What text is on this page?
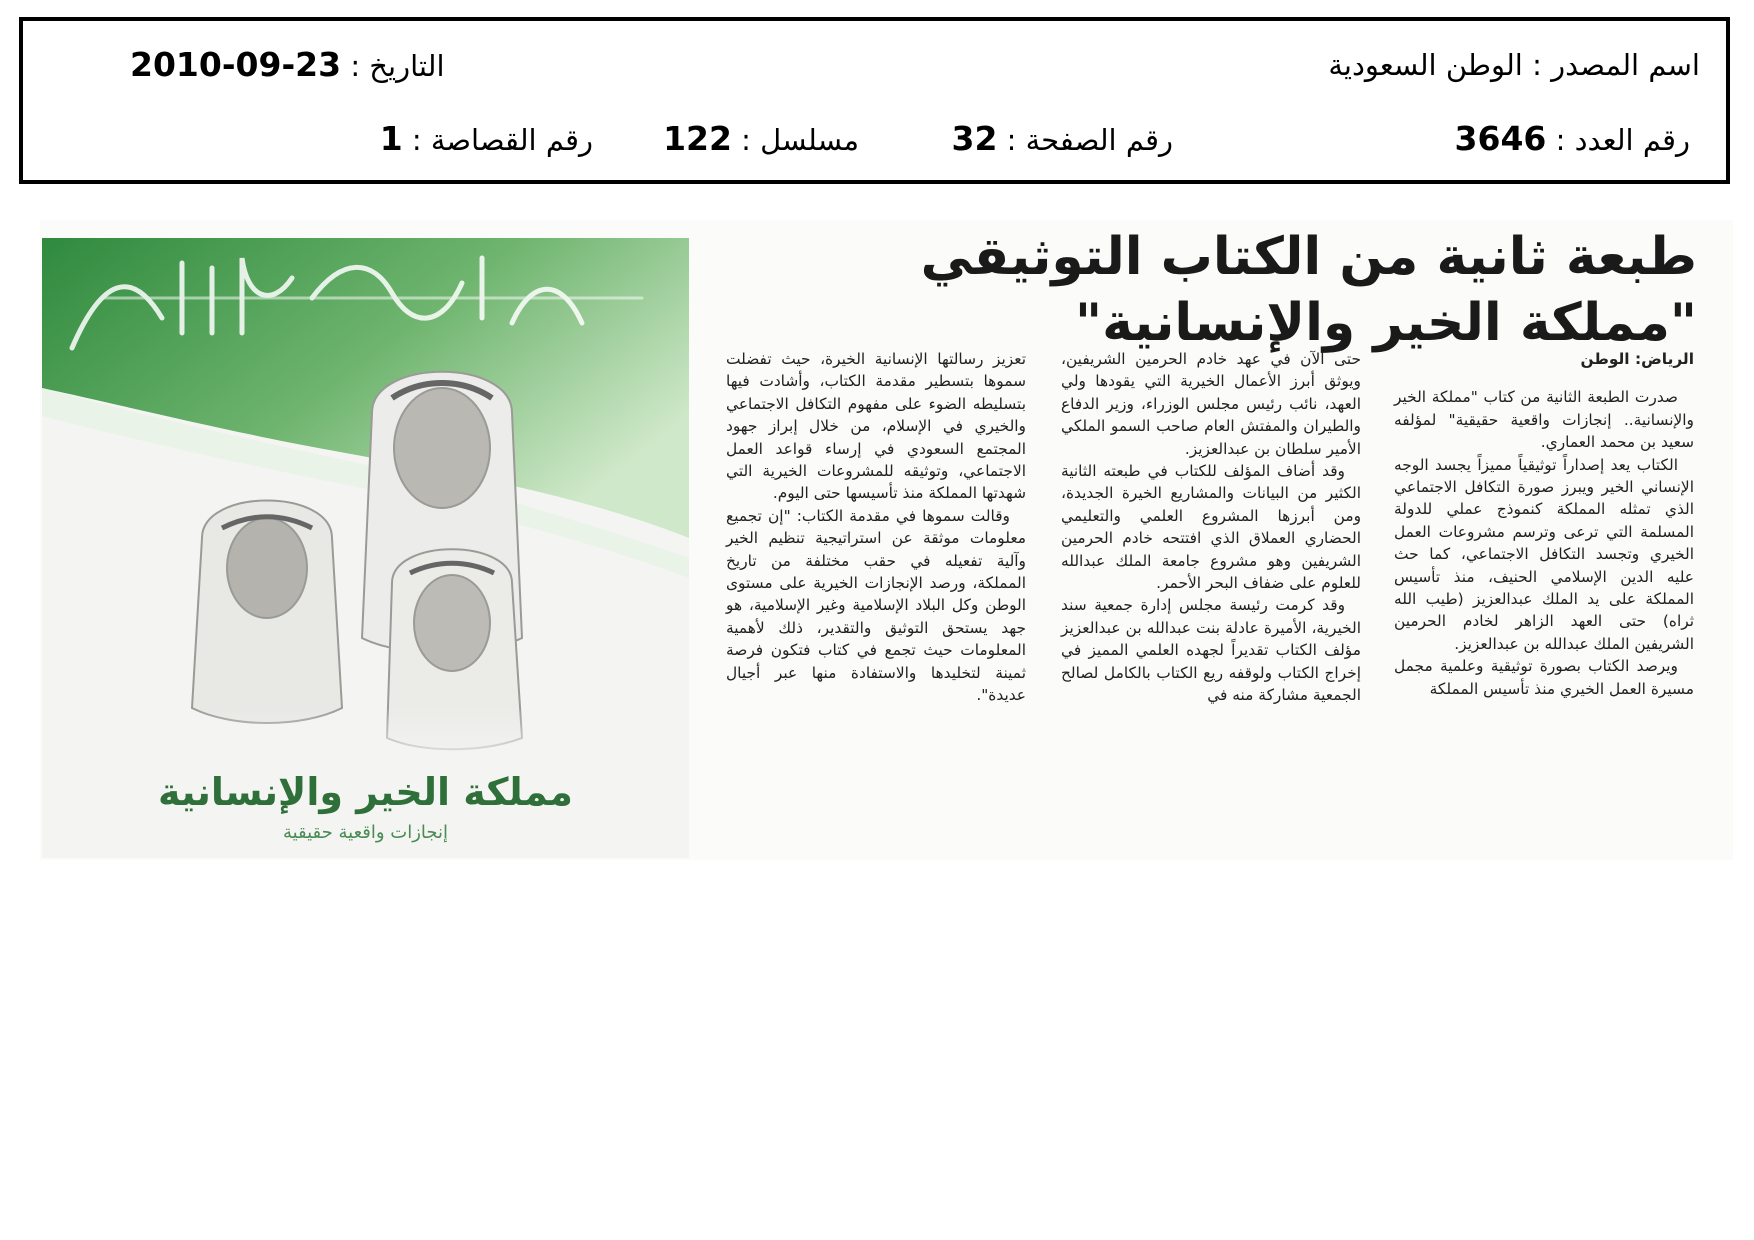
اسم المصدر : الوطن السعودية
2010-09-23 التاريخ :
رقم العدد : 3646
رقم الصفحة : 32
مسلسل : 122
رقم القصاصة : 1
طبعة ثانية من الكتاب التوثيقي
"مملكة الخير والإنسانية"

الرياض: الوطن

صدرت الطبعة الثانية من كتاب "مملكة الخير والإنسانية.. إنجازات واقعية حقيقية" لمؤلفه سعيد بن محمد العماري.

الكتاب يعد إصداراً توثيقياً مميزاً يجسد الوجه الإنساني الخير ويبرز صورة التكافل الاجتماعي الذي تمثله المملكة كنموذج عملي للدولة المسلمة التي ترعى وترسم مشروعات العمل الخيري وتجسد التكافل الاجتماعي، كما حث عليه الدين الإسلامي الحنيف، منذ تأسيس المملكة على يد الملك عبدالعزيز (طيب الله ثراه) حتى العهد الزاهر لخادم الحرمين الشريفين الملك عبدالله بن عبدالعزيز.

ويرصد الكتاب بصورة توثيقية وعلمية مجمل مسيرة العمل الخيري منذ تأسيس المملكة

حتى الآن في عهد خادم الحرمين الشريفين، ويوثق أبرز الأعمال الخيرية التي يقودها ولي العهد، نائب رئيس مجلس الوزراء، وزير الدفاع والطيران والمفتش العام صاحب السمو الملكي الأمير سلطان بن عبدالعزيز.

وقد أضاف المؤلف للكتاب في طبعته الثانية الكثير من البيانات والمشاريع الخيرة الجديدة، ومن أبرزها المشروع العلمي والتعليمي الحضاري العملاق الذي افتتحه خادم الحرمين الشريفين وهو مشروع جامعة الملك عبدالله للعلوم على ضفاف البحر الأحمر.

وقد كرمت رئيسة مجلس إدارة جمعية سند الخيرية، الأميرة عادلة بنت عبدالله بن عبدالعزيز مؤلف الكتاب تقديراً لجهده العلمي المميز في إخراج الكتاب ولوقفه ريع الكتاب بالكامل لصالح الجمعية مشاركة منه في

تعزيز رسالتها الإنسانية الخيرة، حيث تفضلت سموها بتسطير مقدمة الكتاب، وأشادت فيها بتسليطه الضوء على مفهوم التكافل الاجتماعي والخيري في الإسلام، من خلال إبراز جهود المجتمع السعودي في إرساء قواعد العمل الاجتماعي، وتوثيقه للمشروعات الخيرية التي شهدتها المملكة منذ تأسيسها حتى اليوم.

وقالت سموها في مقدمة الكتاب: "إن تجميع معلومات موثقة عن استراتيجية تنظيم الخير وآلية تفعيله في حقب مختلفة من تاريخ المملكة، ورصد الإنجازات الخيرية على مستوى الوطن وكل البلاد الإسلامية وغير الإسلامية، هو جهد يستحق التوثيق والتقدير، ذلك لأهمية المعلومات حيث تجمع في كتاب فتكون فرصة ثمينة لتخليدها والاستفادة منها عبر أجيال عديدة".

مملكة الخير والإنسانية

إنجازات واقعية حقيقية
